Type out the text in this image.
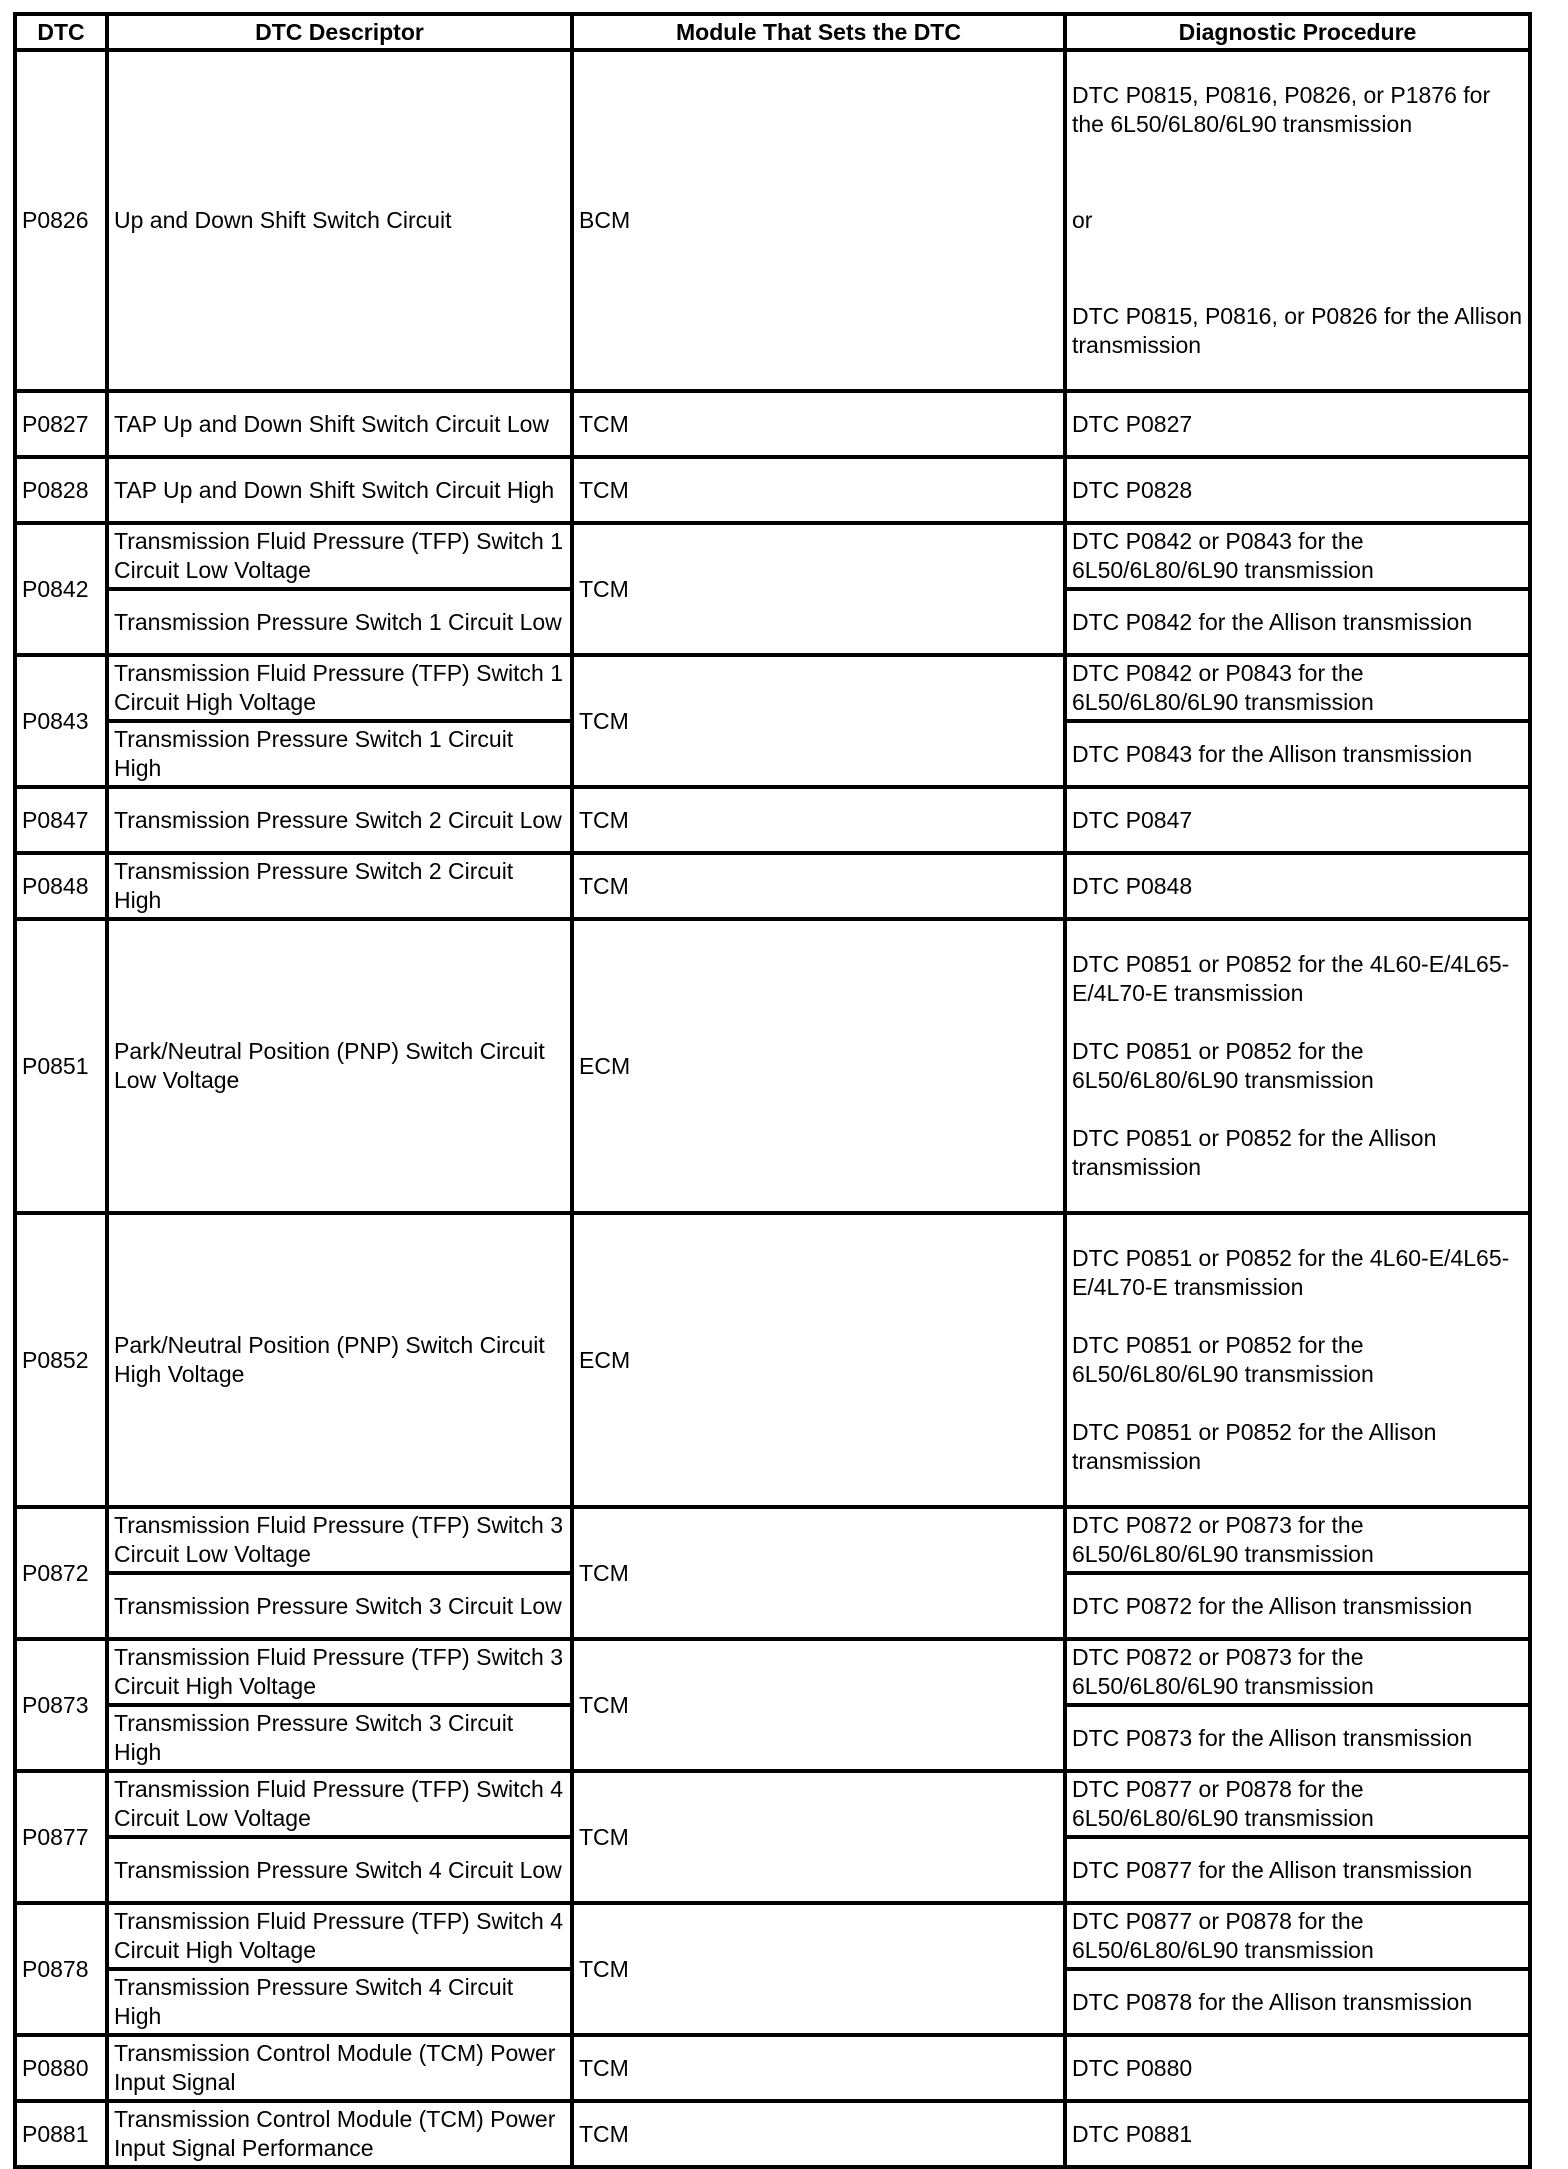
DTC	DTC Descriptor	Module That Sets the DTC	Diagnostic Procedure
P0826	Up and Down Shift Switch Circuit	BCM	DTC P0815, P0816, P0826, or P1876 for the 6L50/6L80/6L90 transmission

or

DTC P0815, P0816, or P0826 for the Allison transmission

P0827	TAP Up and Down Shift Switch Circuit Low	TCM	DTC P0827
P0828	TAP Up and Down Shift Switch Circuit High	TCM	DTC P0828
P0842	Transmission Fluid Pressure (TFP) Switch 1 Circuit Low Voltage	TCM	DTC P0842 or P0843 for the 6L50/6L80/6L90 transmission
	Transmission Pressure Switch 1 Circuit Low		DTC P0842 for the Allison transmission
P0843	Transmission Fluid Pressure (TFP) Switch 1 Circuit High Voltage	TCM	DTC P0842 or P0843 for the 6L50/6L80/6L90 transmission
	Transmission Pressure Switch 1 Circuit High		DTC P0843 for the Allison transmission
P0847	Transmission Pressure Switch 2 Circuit Low	TCM	DTC P0847
P0848	Transmission Pressure Switch 2 Circuit High	TCM	DTC P0848
P0851	Park/Neutral Position (PNP) Switch Circuit Low Voltage	ECM	DTC P0851 or P0852 for the 4L60-E/4L65-E/4L70-E transmission

DTC P0851 or P0852 for the 6L50/6L80/6L90 transmission

DTC P0851 or P0852 for the Allison transmission

P0852	Park/Neutral Position (PNP) Switch Circuit High Voltage	ECM	DTC P0851 or P0852 for the 4L60-E/4L65-E/4L70-E transmission

DTC P0851 or P0852 for the 6L50/6L80/6L90 transmission

DTC P0851 or P0852 for the Allison transmission

P0872	Transmission Fluid Pressure (TFP) Switch 3 Circuit Low Voltage	TCM	DTC P0872 or P0873 for the 6L50/6L80/6L90 transmission
	Transmission Pressure Switch 3 Circuit Low		DTC P0872 for the Allison transmission
P0873	Transmission Fluid Pressure (TFP) Switch 3 Circuit High Voltage	TCM	DTC P0872 or P0873 for the 6L50/6L80/6L90 transmission
	Transmission Pressure Switch 3 Circuit High		DTC P0873 for the Allison transmission
P0877	Transmission Fluid Pressure (TFP) Switch 4 Circuit Low Voltage	TCM	DTC P0877 or P0878 for the 6L50/6L80/6L90 transmission
	Transmission Pressure Switch 4 Circuit Low		DTC P0877 for the Allison transmission
P0878	Transmission Fluid Pressure (TFP) Switch 4 Circuit High Voltage	TCM	DTC P0877 or P0878 for the 6L50/6L80/6L90 transmission
	Transmission Pressure Switch 4 Circuit High		DTC P0878 for the Allison transmission
P0880	Transmission Control Module (TCM) Power Input Signal	TCM	DTC P0880
P0881	Transmission Control Module (TCM) Power Input Signal Performance	TCM	DTC P0881
